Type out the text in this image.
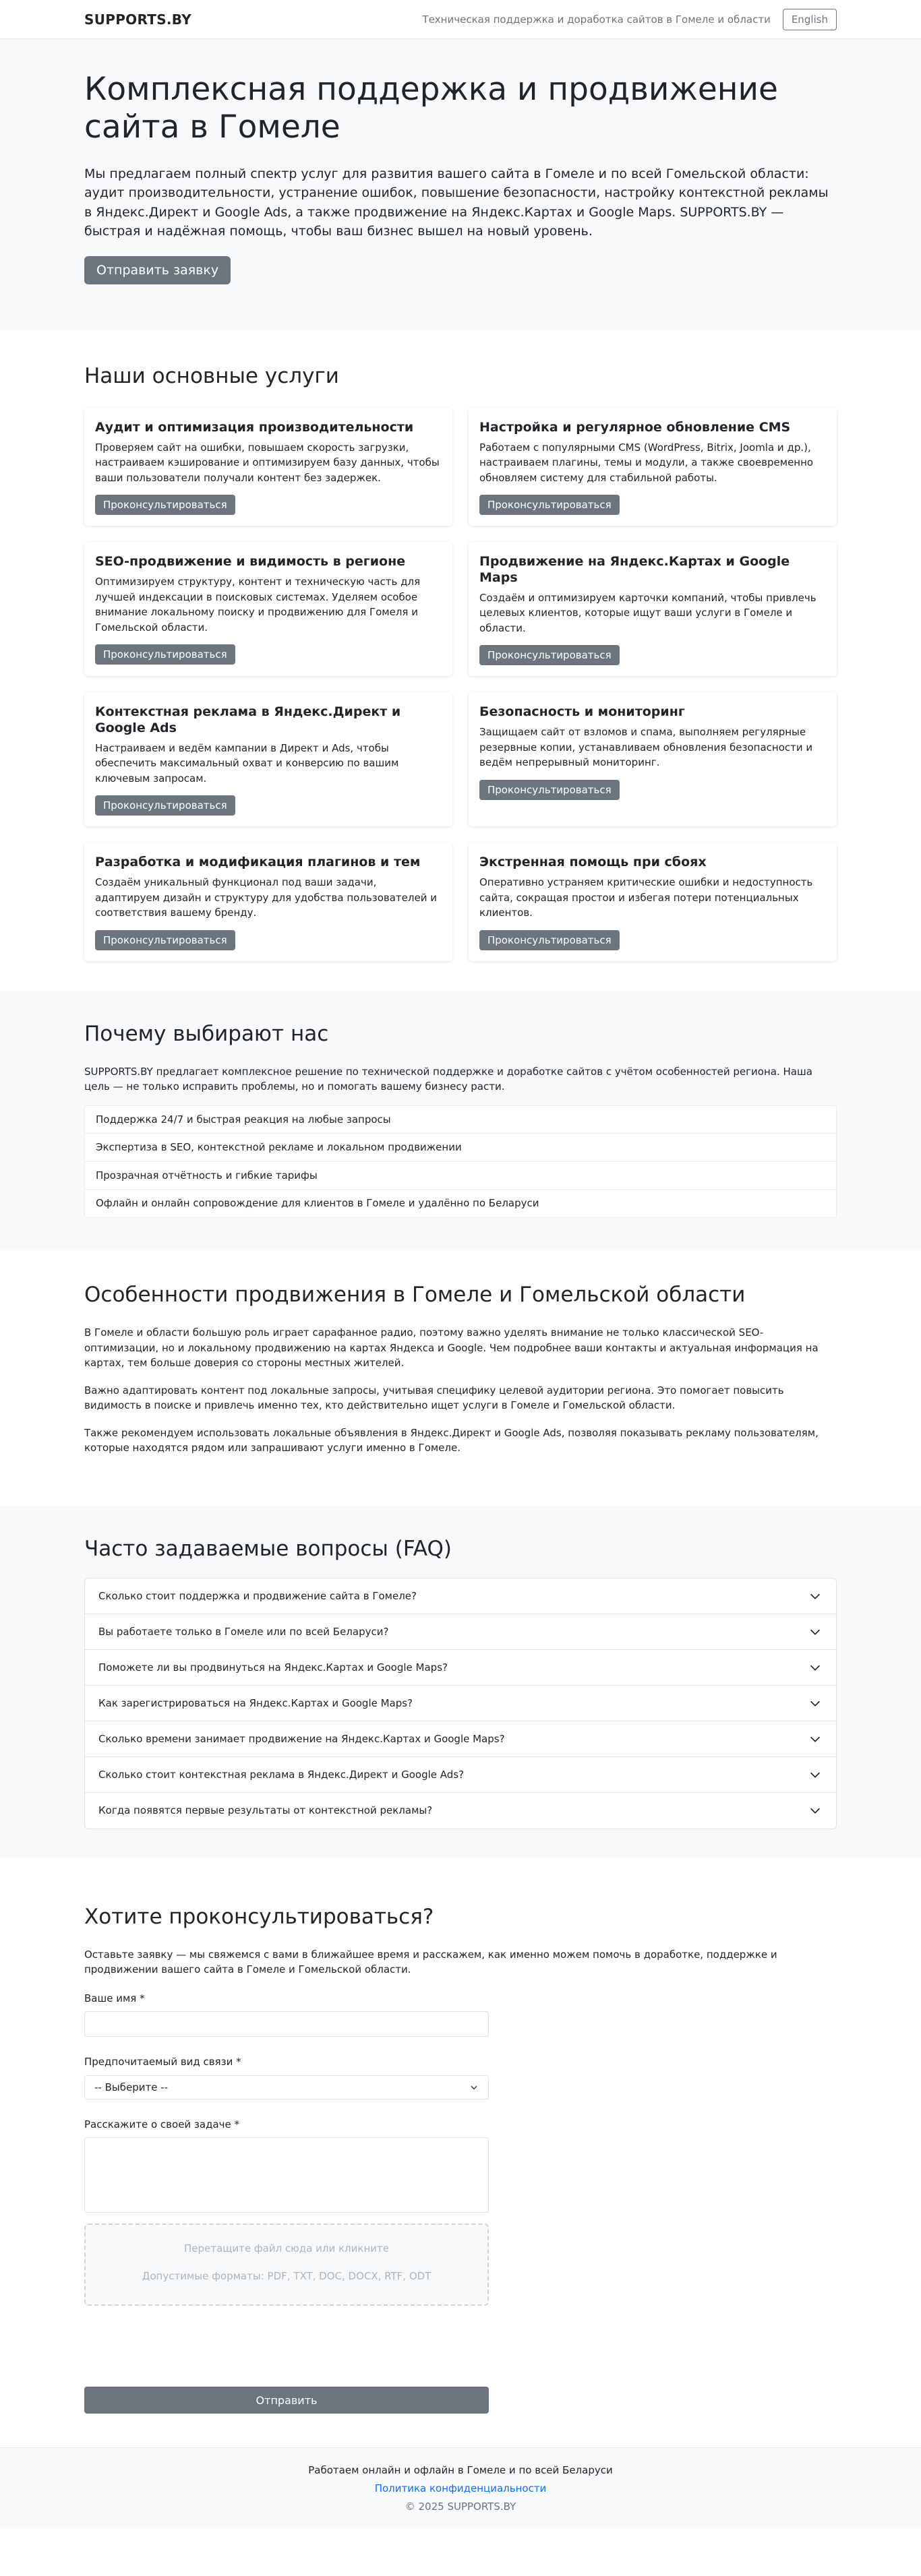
SUPPORTS.BY	Техническая поддержка и доработка сайтов в Гомеле и области	English
Комплексная поддержка и продвижение сайта в Гомеле

Мы предлагаем полный спектр услуг для развития вашего сайта в Гомеле и по всей Гомельской области: аудит производительности, устранение ошибок, повышение безопасности, настройку контекстной рекламы в Яндекс.Директ и Google Ads, а также продвижение на Яндекс.Картах и Google Maps. SUPPORTS.BY — быстрая и надёжная помощь, чтобы ваш бизнес вышел на новый уровень.

Отправить заявку
Наши основные услуги
Аудит и оптимизация производительности

Проверяем сайт на ошибки, повышаем скорость загрузки, настраиваем кэширование и оптимизируем базу данных, чтобы ваши пользователи получали контент без задержек.

Проконсультироваться
Настройка и регулярное обновление CMS

Работаем с популярными CMS (WordPress, Bitrix, Joomla и др.), настраиваем плагины, темы и модули, а также своевременно обновляем систему для стабильной работы.

Проконсультироваться
SEO-продвижение и видимость в регионе

Оптимизируем структуру, контент и техническую часть для лучшей индексации в поисковых системах. Уделяем особое внимание локальному поиску и продвижению для Гомеля и Гомельской области.

Проконсультироваться
Продвижение на Яндекс.Картах и Google Maps

Создаём и оптимизируем карточки компаний, чтобы привлечь целевых клиентов, которые ищут ваши услуги в Гомеле и области.

Проконсультироваться
Контекстная реклама в Яндекс.Директ и Google Ads

Настраиваем и ведём кампании в Директ и Ads, чтобы обеспечить максимальный охват и конверсию по вашим ключевым запросам.

Проконсультироваться
Безопасность и мониторинг

Защищаем сайт от взломов и спама, выполняем регулярные резервные копии, устанавливаем обновления безопасности и ведём непрерывный мониторинг.

Проконсультироваться
Разработка и модификация плагинов и тем

Создаём уникальный функционал под ваши задачи, адаптируем дизайн и структуру для удобства пользователей и соответствия вашему бренду.

Проконсультироваться
Экстренная помощь при сбоях

Оперативно устраняем критические ошибки и недоступность сайта, сокращая простои и избегая потери потенциальных клиентов.

Проконсультироваться
Почему выбирают нас

SUPPORTS.BY предлагает комплексное решение по технической поддержке и доработке сайтов с учётом особенностей региона. Наша цель — не только исправить проблемы, но и помогать вашему бизнесу расти.

Поддержка 24/7 и быстрая реакция на любые запросы
Экспертиза в SEO, контекстной рекламе и локальном продвижении
Прозрачная отчётность и гибкие тарифы
Офлайн и онлайн сопровождение для клиентов в Гомеле и удалённо по Беларуси
Особенности продвижения в Гомеле и Гомельской области

В Гомеле и области большую роль играет сарафанное радио, поэтому важно уделять внимание не только классической SEO-оптимизации, но и локальному продвижению на картах Яндекса и Google. Чем подробнее ваши контакты и актуальная информация на картах, тем больше доверия со стороны местных жителей.

Важно адаптировать контент под локальные запросы, учитывая специфику целевой аудитории региона. Это помогает повысить видимость в поиске и привлечь именно тех, кто действительно ищет услуги в Гомеле и Гомельской области.

Также рекомендуем использовать локальные объявления в Яндекс.Директ и Google Ads, позволяя показывать рекламу пользователям, которые находятся рядом или запрашивают услуги именно в Гомеле.

Часто задаваемые вопросы (FAQ)
Сколько стоит поддержка и продвижение сайта в Гомеле?
Вы работаете только в Гомеле или по всей Беларуси?
Поможете ли вы продвинуться на Яндекс.Картах и Google Maps?
Как зарегистрироваться на Яндекс.Картах и Google Maps?
Сколько времени занимает продвижение на Яндекс.Картах и Google Maps?
Сколько стоит контекстная реклама в Яндекс.Директ и Google Ads?
Когда появятся первые результаты от контекстной рекламы?
Хотите проконсультироваться?

Оставьте заявку — мы свяжемся с вами в ближайшее время и расскажем, как именно можем помочь в доработке, поддержке и продвижении вашего сайта в Гомеле и Гомельской области.

Ваше имя *
Предпочитаемый вид связи *
-- Выберите --
Расскажите о своей задаче *
Перетащите файл сюда или кликните
Допустимые форматы: PDF, TXT, DOC, DOCX, RTF, ODT
Отправить
Работаем онлайн и офлайн в Гомеле и по всей Беларуси
Политика конфиденциальности
© 2025 SUPPORTS.BY
